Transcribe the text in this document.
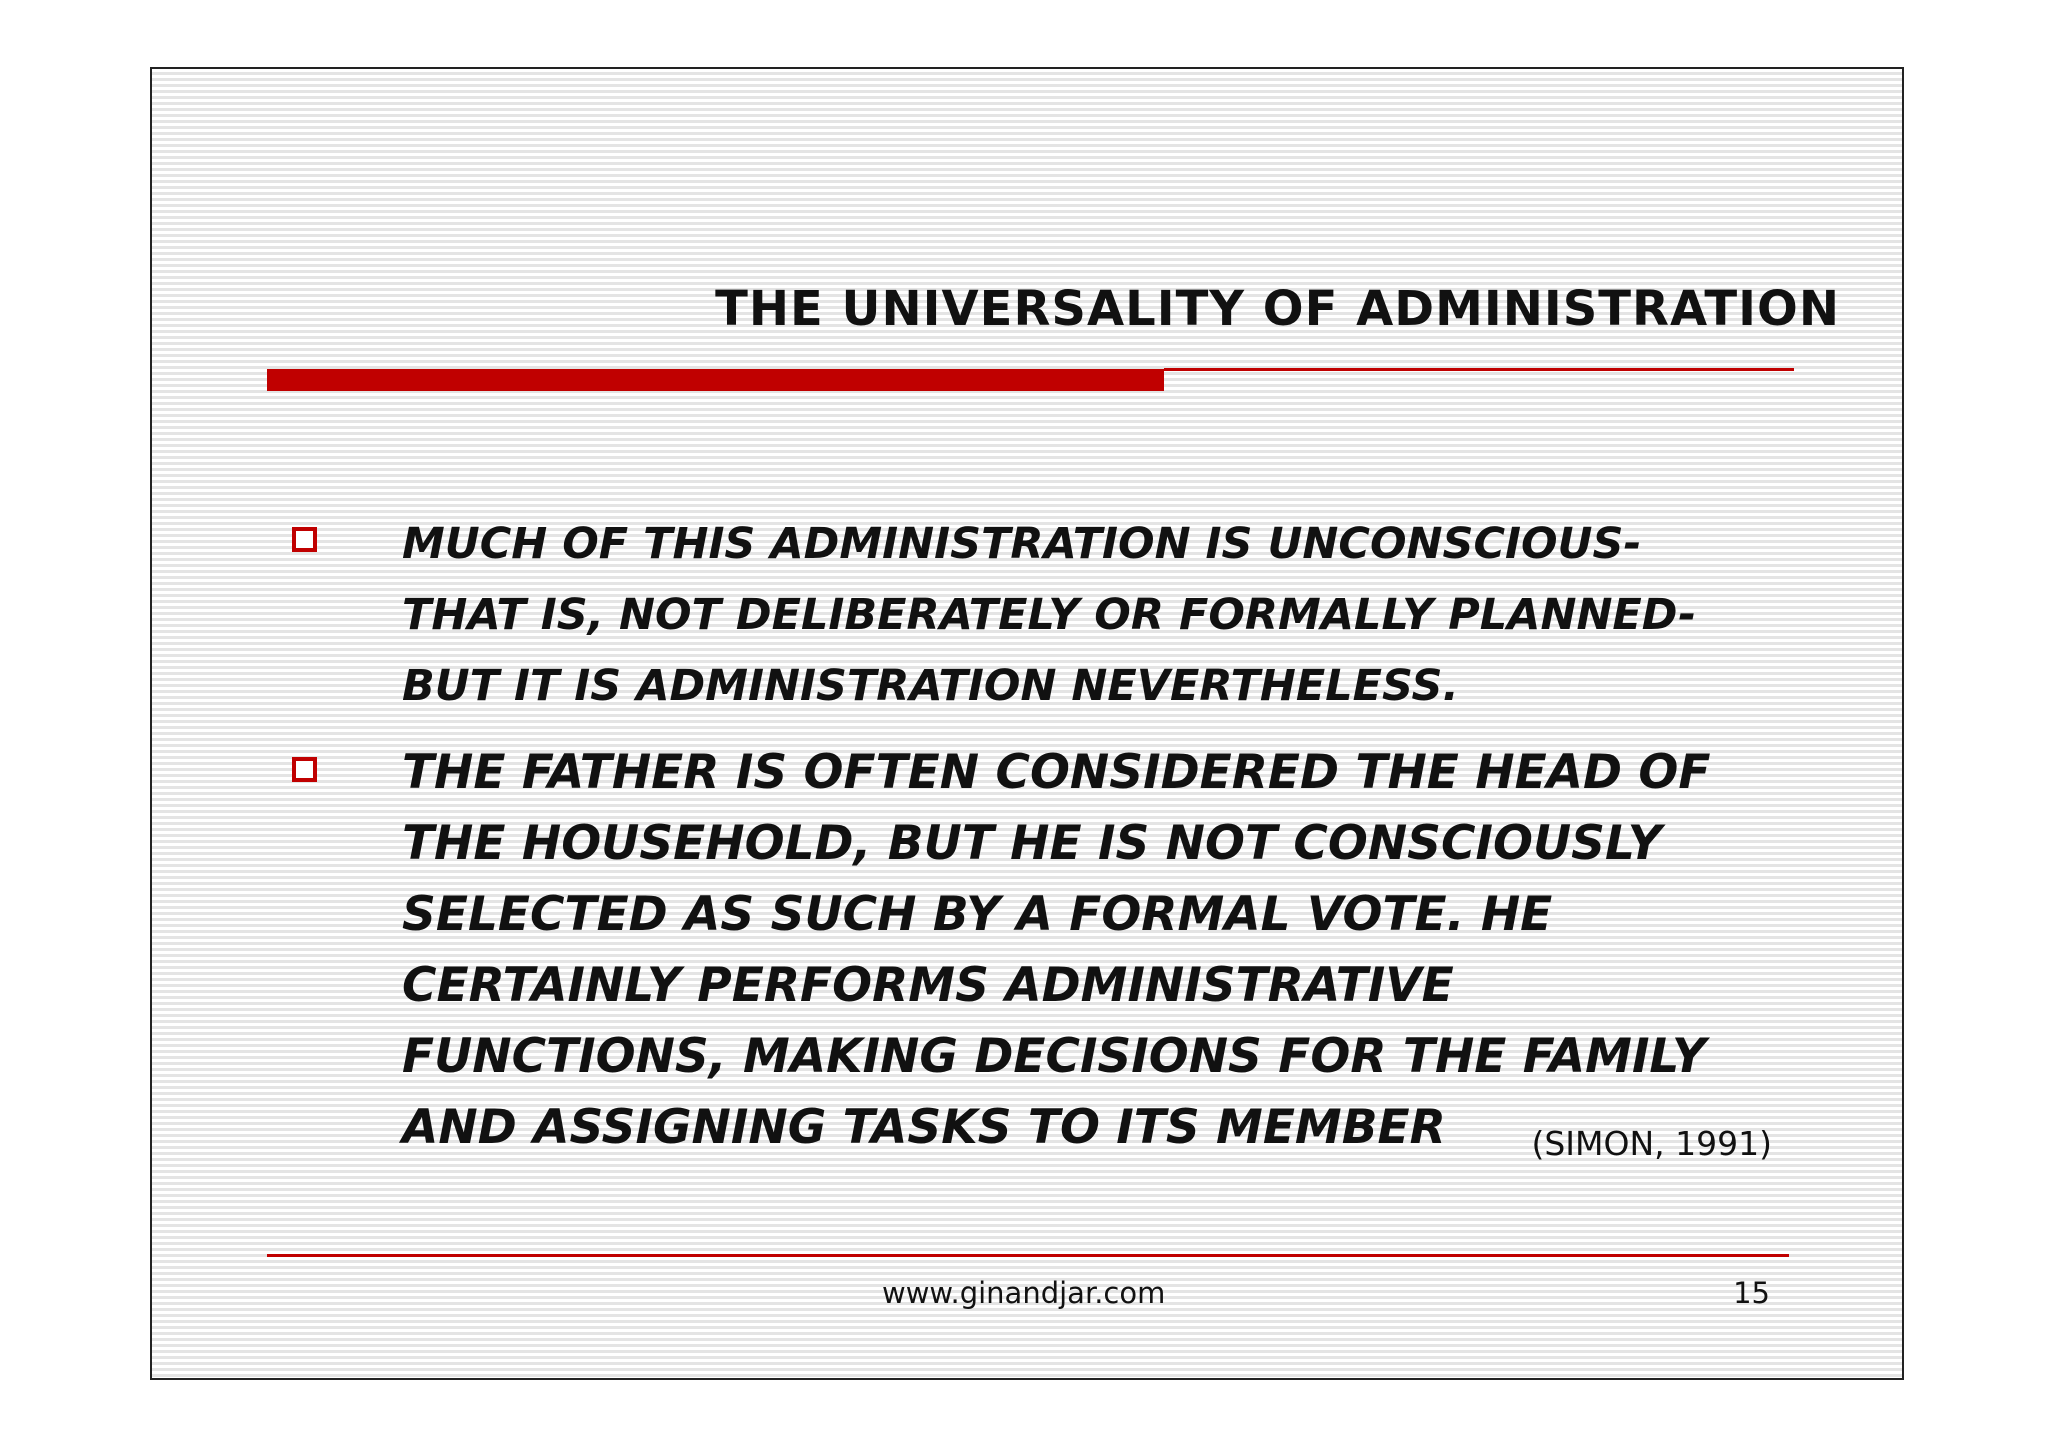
THE UNIVERSALITY OF ADMINISTRATION

MUCH OF THIS ADMINISTRATION IS UNCONSCIOUS-
THAT IS, NOT DELIBERATELY OR FORMALLY PLANNED-
BUT IT IS ADMINISTRATION NEVERTHELESS.

THE FATHER IS OFTEN CONSIDERED THE HEAD OF
THE HOUSEHOLD, BUT HE IS NOT CONSCIOUSLY
SELECTED AS SUCH BY A FORMAL VOTE. HE
CERTAINLY PERFORMS ADMINISTRATIVE
FUNCTIONS, MAKING DECISIONS FOR THE FAMILY
AND ASSIGNING TASKS TO ITS MEMBER	(SIMON, 1991)

www.ginandjar.com	15
